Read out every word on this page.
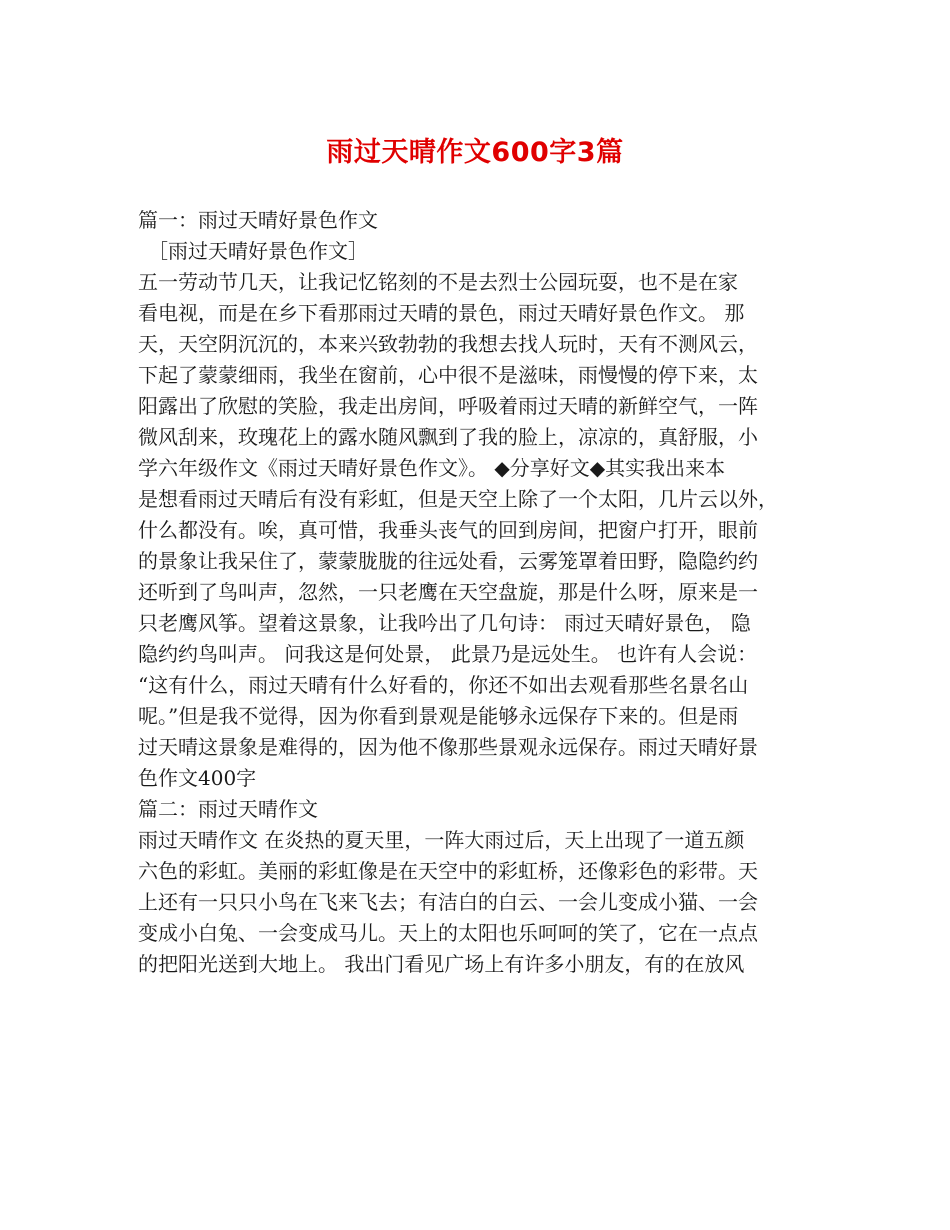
雨过天晴作文600字3篇
篇一：雨过天晴好景色作文
　［雨过天晴好景色作文］
五一劳动节几天，让我记忆铭刻的不是去烈士公园玩耍，也不是在家
看电视，而是在乡下看那雨过天晴的景色，雨过天晴好景色作文。 那
天，天空阴沉沉的，本来兴致勃勃的我想去找人玩时，天有不测风云，
下起了蒙蒙细雨，我坐在窗前，心中很不是滋味，雨慢慢的停下来，太
阳露出了欣慰的笑脸，我走出房间，呼吸着雨过天晴的新鲜空气，一阵
微风刮来，玫瑰花上的露水随风飘到了我的脸上，凉凉的，真舒服，小
学六年级作文《雨过天晴好景色作文》。 ◆分享好文◆其实我出来本
是想看雨过天晴后有没有彩虹，但是天空上除了一个太阳，几片云以外，
什么都没有。唉，真可惜，我垂头丧气的回到房间，把窗户打开，眼前
的景象让我呆住了，蒙蒙胧胧的往远处看，云雾笼罩着田野，隐隐约约
还听到了鸟叫声，忽然，一只老鹰在天空盘旋，那是什么呀，原来是一
只老鹰风筝。望着这景象，让我吟出了几句诗： 雨过天晴好景色， 隐
隐约约鸟叫声。 问我这是何处景， 此景乃是远处生。 也许有人会说：
“这有什么，雨过天晴有什么好看的，你还不如出去观看那些名景名山
呢。”但是我不觉得，因为你看到景观是能够永远保存下来的。但是雨
过天晴这景象是难得的，因为他不像那些景观永远保存。雨过天晴好景
色作文400字
篇二：雨过天晴作文
雨过天晴作文 在炎热的夏天里，一阵大雨过后，天上出现了一道五颜
六色的彩虹。美丽的彩虹像是在天空中的彩虹桥，还像彩色的彩带。天
上还有一只只小鸟在飞来飞去；有洁白的白云、一会儿变成小猫、一会
变成小白兔、一会变成马儿。天上的太阳也乐呵呵的笑了，它在一点点
的把阳光送到大地上。 我出门看见广场上有许多小朋友，有的在放风
